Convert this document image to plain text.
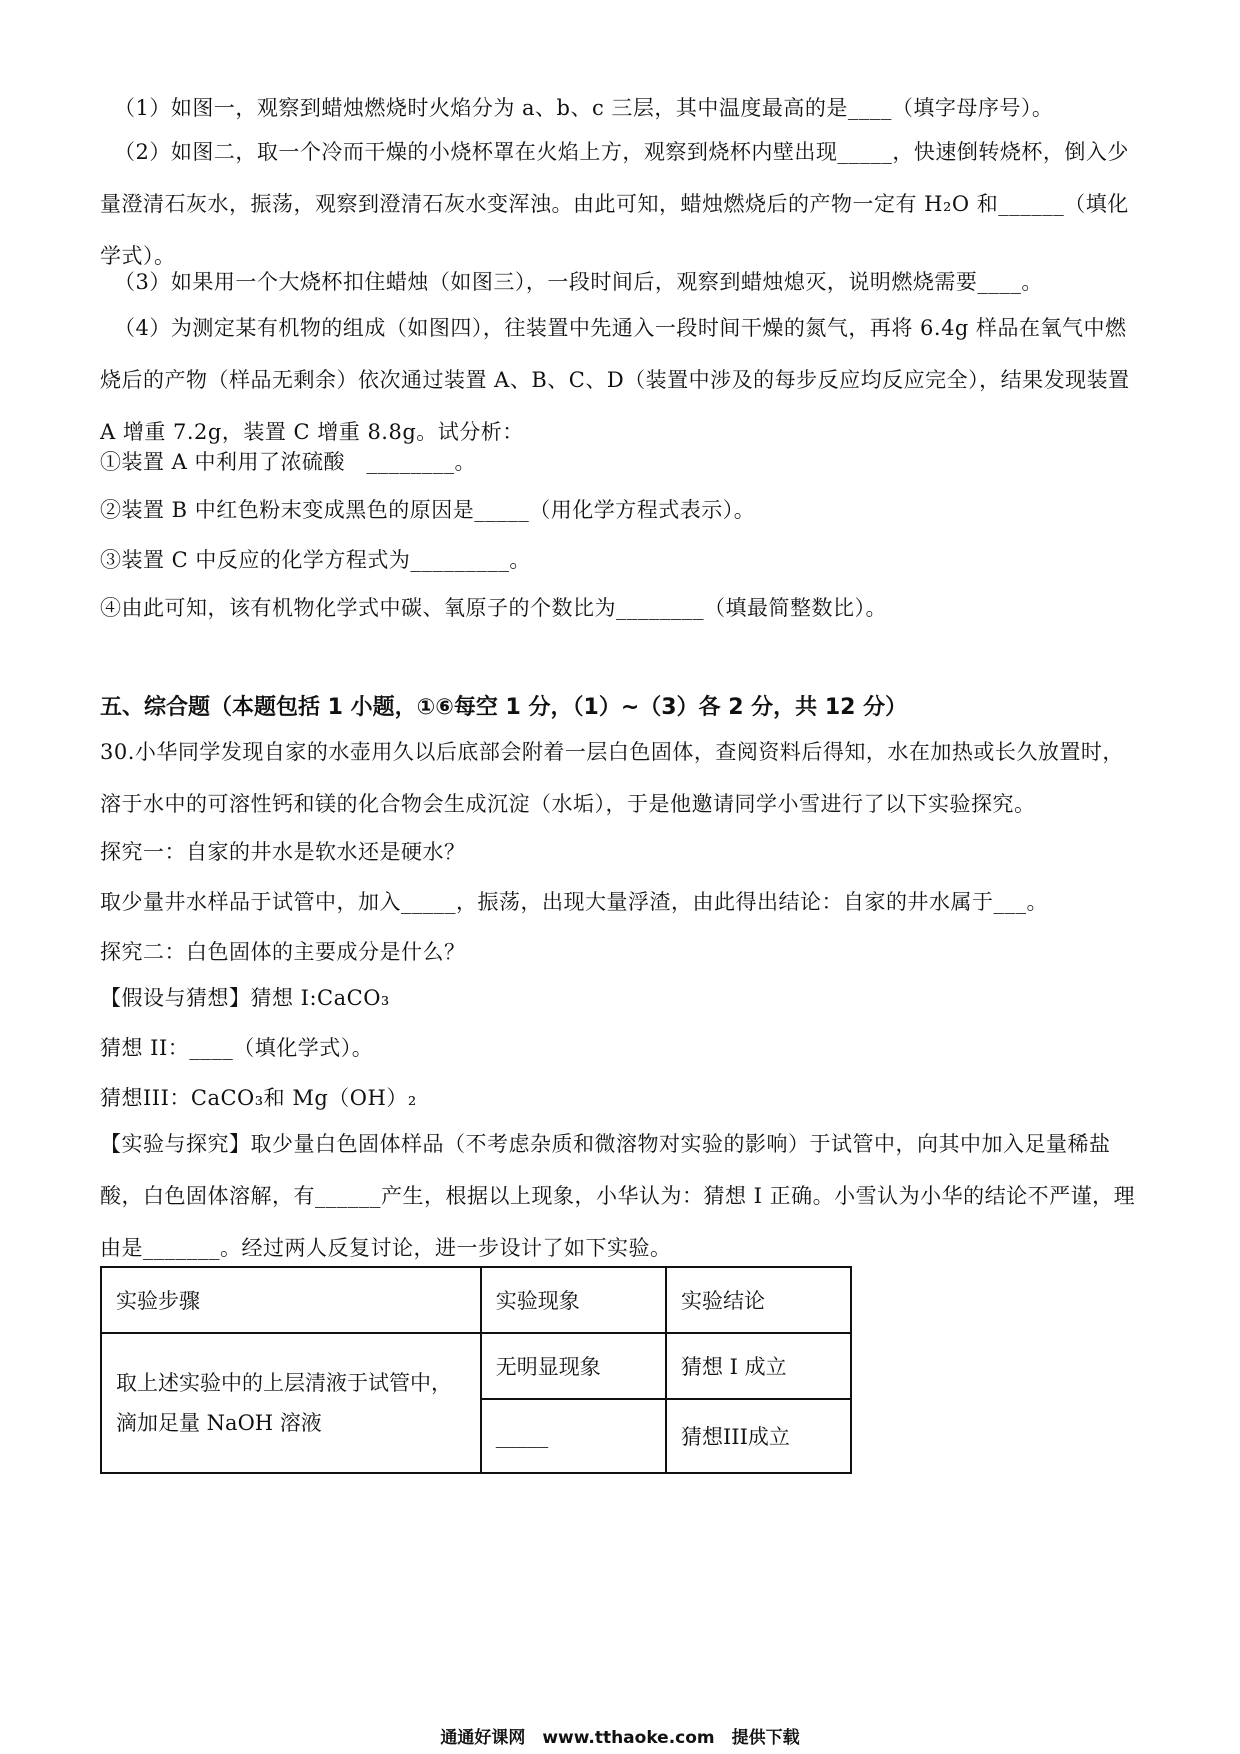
（1）如图一，观察到蜡烛燃烧时火焰分为 a、b、c 三层，其中温度最高的是____（填字母序号）。
（2）如图二，取一个冷而干燥的小烧杯罩在火焰上方，观察到烧杯内壁出现_____，快速倒转烧杯，倒入少量澄清石灰水，振荡，观察到澄清石灰水变浑浊。由此可知，蜡烛燃烧后的产物一定有 H₂O 和______（填化学式）。
（3）如果用一个大烧杯扣住蜡烛（如图三），一段时间后，观察到蜡烛熄灭，说明燃烧需要____。
（4）为测定某有机物的组成（如图四），往装置中先通入一段时间干燥的氮气，再将 6.4g 样品在氧气中燃烧后的产物（样品无剩余）依次通过装置 A、B、C、D（装置中涉及的每步反应均反应完全），结果发现装置 A 增重 7.2g，装置 C 增重 8.8g。试分析：
①装置 A 中利用了浓硫酸　________。
②装置 B 中红色粉末变成黑色的原因是_____（用化学方程式表示）。
③装置 C 中反应的化学方程式为_________。
④由此可知，该有机物化学式中碳、氧原子的个数比为________（填最简整数比）。
五、综合题（本题包括 1 小题，①⑥每空 1 分，（1）~（3）各 2 分，共 12 分）
30.小华同学发现自家的水壶用久以后底部会附着一层白色固体，查阅资料后得知，水在加热或长久放置时，溶于水中的可溶性钙和镁的化合物会生成沉淀（水垢），于是他邀请同学小雪进行了以下实验探究。
探究一：自家的井水是软水还是硬水？
取少量井水样品于试管中，加入_____，振荡，出现大量浮渣，由此得出结论：自家的井水属于___。
探究二：白色固体的主要成分是什么？
【假设与猜想】猜想 I:CaCO₃
猜想 II：____（填化学式）。
猜想III：CaCO₃和 Mg（OH）₂
【实验与探究】取少量白色固体样品（不考虑杂质和微溶物对实验的影响）于试管中，向其中加入足量稀盐酸，白色固体溶解，有______产生，根据以上现象，小华认为：猜想 I 正确。小雪认为小华的结论不严谨，理由是_______。经过两人反复讨论，进一步设计了如下实验。
实验步骤	实验现象	实验结论
取上述实验中的上层清液于试管中，滴加足量 NaOH 溶液	无明显现象	猜想 I 成立
	_____	猜想III成立
通通好课网　www.tthaoke.com　提供下载
